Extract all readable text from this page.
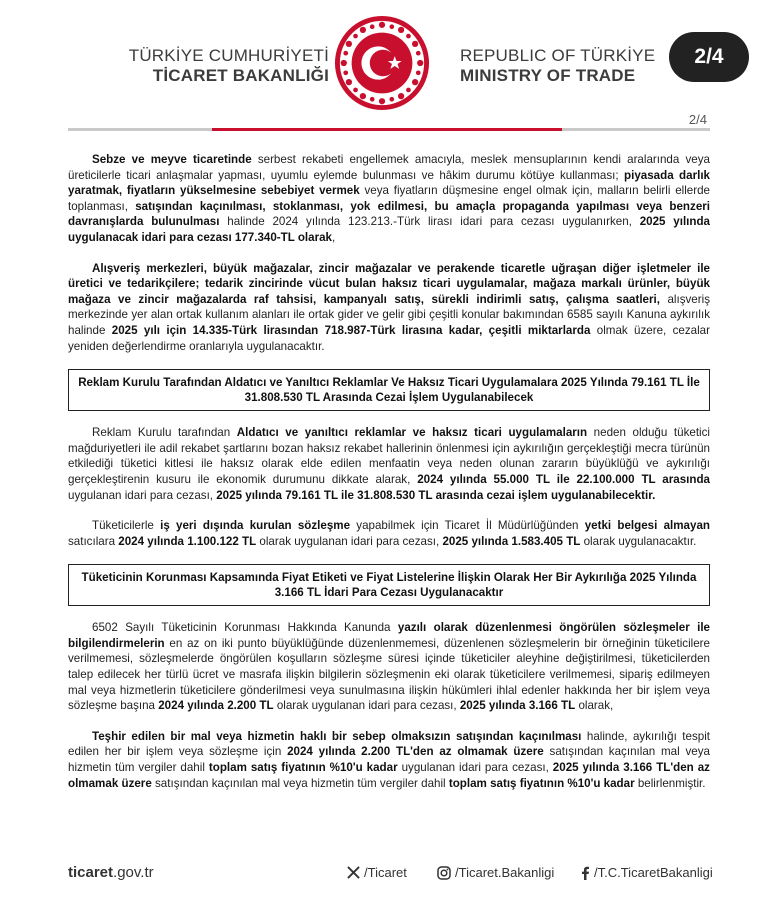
TÜRKİYE CUMHURİYETİ
TİCARET BAKANLIĞI
REPUBLIC OF TÜRKİYE
MINISTRY OF TRADE
2/4
2/4

Sebze ve meyve ticaretinde serbest rekabeti engellemek amacıyla, meslek mensuplarının kendi aralarında veya üreticilerle ticari anlaşmalar yapması, uyumlu eylemde bulunması ve hâkim durumu kötüye kullanması; piyasada darlık yaratmak, fiyatların yükselmesine sebebiyet vermek veya fiyatların düşmesine engel olmak için, malların belirli ellerde toplanması, satışından kaçınılması, stoklanması, yok edilmesi, bu amaçla propaganda yapılması veya benzeri davranışlarda bulunulması halinde 2024 yılında 123.213.-Türk lirası idari para cezası uygulanırken, 2025 yılında uygulanacak idari para cezası 177.340-TL olarak,

Alışveriş merkezleri, büyük mağazalar, zincir mağazalar ve perakende ticaretle uğraşan diğer işletmeler ile üretici ve tedarikçilere; tedarik zincirinde vücut bulan haksız ticari uygulamalar, mağaza markalı ürünler, büyük mağaza ve zincir mağazalarda raf tahsisi, kampanyalı satış, sürekli indirimli satış, çalışma saatleri, alışveriş merkezinde yer alan ortak kullanım alanları ile ortak gider ve gelir gibi çeşitli konular bakımından 6585 sayılı Kanuna aykırılık halinde 2025 yılı için 14.335-Türk lirasından 718.987-Türk lirasına kadar, çeşitli miktarlarda olmak üzere, cezalar yeniden değerlendirme oranlarıyla uygulanacaktır.

Reklam Kurulu Tarafından Aldatıcı ve Yanıltıcı Reklamlar Ve Haksız Ticari Uygulamalara 2025 Yılında 79.161 TL İle 31.808.530 TL Arasında Cezai İşlem Uygulanabilecek

Reklam Kurulu tarafından Aldatıcı ve yanıltıcı reklamlar ve haksız ticari uygulamaların neden olduğu tüketici mağduriyetleri ile adil rekabet şartlarını bozan haksız rekabet hallerinin önlenmesi için aykırılığın gerçekleştiği mecra türünün etkilediği tüketici kitlesi ile haksız olarak elde edilen menfaatin veya neden olunan zararın büyüklüğü ve aykırılığı gerçekleştirenin kusuru ile ekonomik durumunu dikkate alarak, 2024 yılında 55.000 TL ile 22.100.000 TL arasında uygulanan idari para cezası, 2025 yılında 79.161 TL ile 31.808.530 TL arasında cezai işlem uygulanabilecektir.

Tüketicilerle iş yeri dışında kurulan sözleşme yapabilmek için Ticaret İl Müdürlüğünden yetki belgesi almayan satıcılara 2024 yılında 1.100.122 TL olarak uygulanan idari para cezası, 2025 yılında 1.583.405 TL olarak uygulanacaktır.

Tüketicinin Korunması Kapsamında Fiyat Etiketi ve Fiyat Listelerine İlişkin Olarak Her Bir Aykırılığa 2025 Yılında 3.166 TL İdari Para Cezası Uygulanacaktır

6502 Sayılı Tüketicinin Korunması Hakkında Kanunda yazılı olarak düzenlenmesi öngörülen sözleşmeler ile bilgilendirmelerin en az on iki punto büyüklüğünde düzenlenmemesi, düzenlenen sözleşmelerin bir örneğinin tüketicilere verilmemesi, sözleşmelerde öngörülen koşulların sözleşme süresi içinde tüketiciler aleyhine değiştirilmesi, tüketicilerden talep edilecek her türlü ücret ve masrafa ilişkin bilgilerin sözleşmenin eki olarak tüketicilere verilmemesi, sipariş edilmeyen mal veya hizmetlerin tüketicilere gönderilmesi veya sunulmasına ilişkin hükümleri ihlal edenler hakkında her bir işlem veya sözleşme başına 2024 yılında 2.200 TL olarak uygulanan idari para cezası, 2025 yılında 3.166 TL olarak,

Teşhir edilen bir mal veya hizmetin haklı bir sebep olmaksızın satışından kaçınılması halinde, aykırılığı tespit edilen her bir işlem veya sözleşme için 2024 yılında 2.200 TL'den az olmamak üzere satışından kaçınılan mal veya hizmetin tüm vergiler dahil toplam satış fiyatının %10'u kadar uygulanan idari para cezası, 2025 yılında 3.166 TL'den az olmamak üzere satışından kaçınılan mal veya hizmetin tüm vergiler dahil toplam satış fiyatının %10'u kadar belirlenmiştir.

ticaret.gov.tr	/Ticaret	/Ticaret.Bakanligi	/T.C.TicaretBakanligi
